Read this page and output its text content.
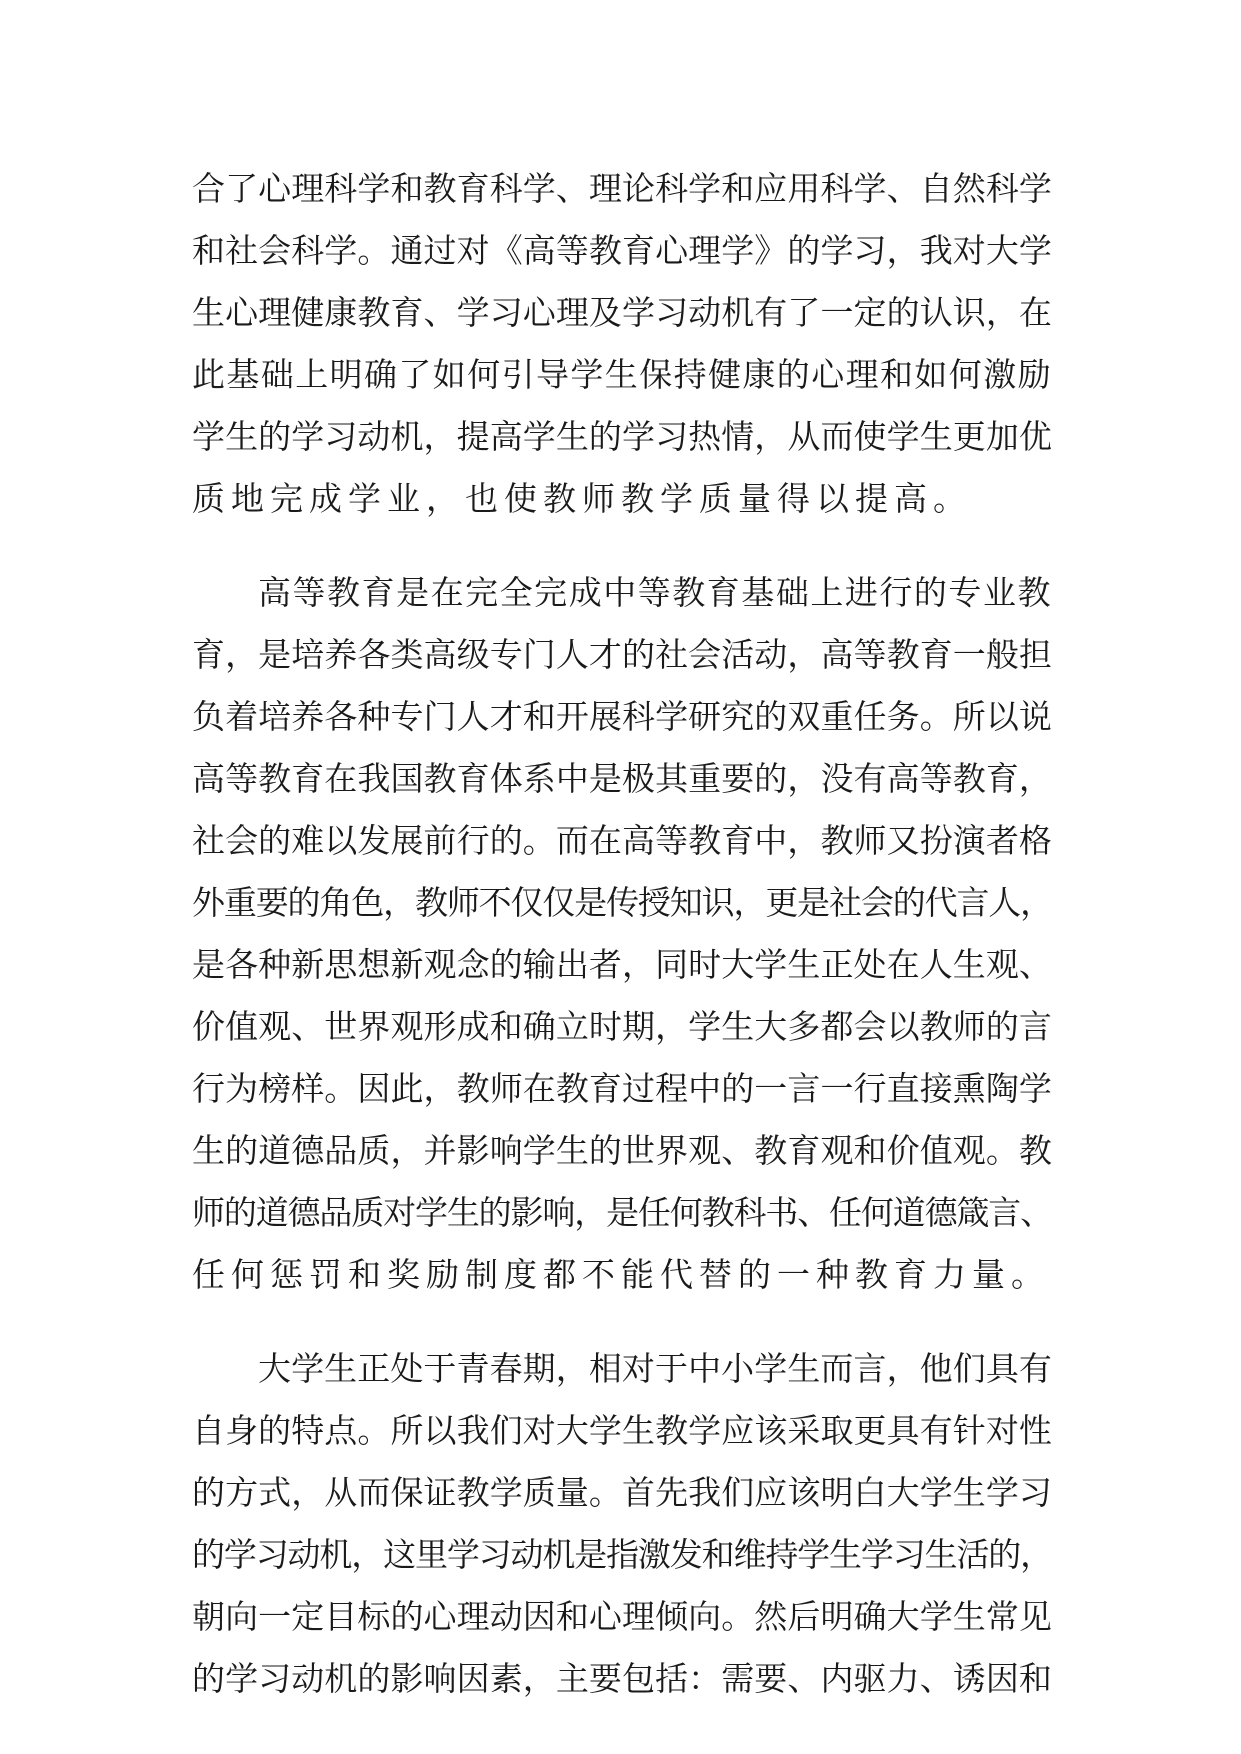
合了心理科学和教育科学、理论科学和应用科学、自然科学
和社会科学。通过对《高等教育心理学》的学习，我对大学
生心理健康教育、学习心理及学习动机有了一定的认识，在
此基础上明确了如何引导学生保持健康的心理和如何激励
学生的学习动机，提高学生的学习热情，从而使学生更加优
质地完成学业，也使教师教学质量得以提高。
高等教育是在完全完成中等教育基础上进行的专业教
育，是培养各类高级专门人才的社会活动，高等教育一般担
负着培养各种专门人才和开展科学研究的双重任务。所以说
高等教育在我国教育体系中是极其重要的，没有高等教育，
社会的难以发展前行的。而在高等教育中，教师又扮演者格
外重要的角色，教师不仅仅是传授知识，更是社会的代言人，
是各种新思想新观念的输出者，同时大学生正处在人生观、
价值观、世界观形成和确立时期，学生大多都会以教师的言
行为榜样。因此，教师在教育过程中的一言一行直接熏陶学
生的道德品质，并影响学生的世界观、教育观和价值观。教
师的道德品质对学生的影响，是任何教科书、任何道德箴言、
任何惩罚和奖励制度都不能代替的一种教育力量。
大学生正处于青春期，相对于中小学生而言，他们具有
自身的特点。所以我们对大学生教学应该采取更具有针对性
的方式，从而保证教学质量。首先我们应该明白大学生学习
的学习动机，这里学习动机是指激发和维持学生学习生活的，
朝向一定目标的心理动因和心理倾向。然后明确大学生常见
的学习动机的影响因素，主要包括：需要、内驱力、诱因和
